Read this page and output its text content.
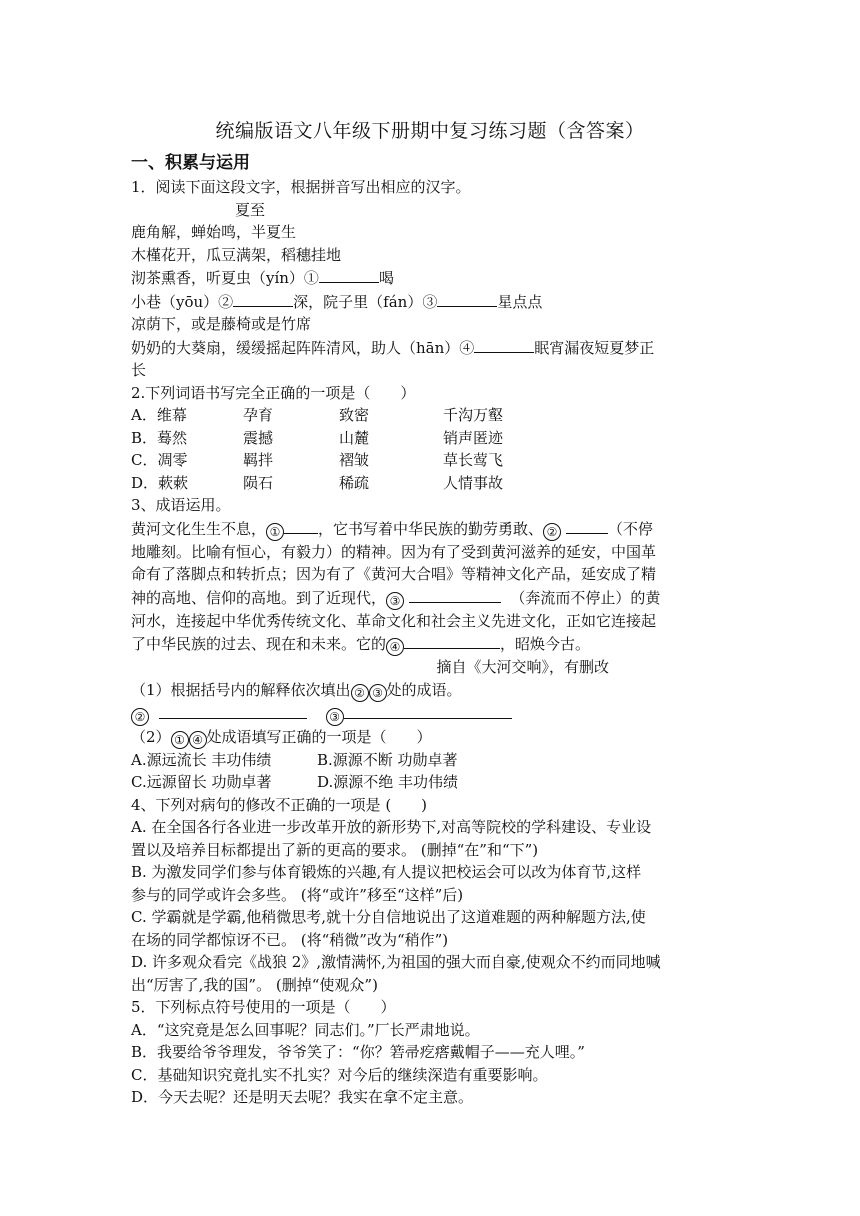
统编版语文八年级下册期中复习练习题（含答案）
一、积累与运用
1．阅读下面这段文字，根据拼音写出相应的汉字。
夏至
鹿角解，蝉始鸣，半夏生
木槿花开，瓜豆满架，稻穗挂地
沏茶熏香，听夏虫（yín）①	喝
小巷（yōu）②	深，院子里（fán）③	星点点
凉荫下，或是藤椅或是竹席
奶奶的大葵扇，缓缓摇起阵阵清风，助人（hān）④	眠宵漏夜短夏梦正
长
2.下列词语书写完全正确的一项是（　　）
A．维幕	孕育	致密	千沟万壑
B．蓦然	震撼	山麓	销声匿迹
C．凋零	羁拌	褶皱	草长莺飞
D．蔌蔌	陨石	稀疏	人情事故
3、成语运用。
黄河文化生生不息， ①	，它书写着中华民族的勤劳勇敢、 ②	（不停
地雕刻。比喻有恒心，有毅力）的精神。因为有了受到黄河滋养的延安，中国革
命有了落脚点和转折点；因为有了《黄河大合唱》等精神文化产品，延安成了精
神的高地、信仰的高地。到了近现代， ③	（奔流而不停止）的黄
河水，连接起中华优秀传统文化、革命文化和社会主义先进文化，正如它连接起
了中华民族的过去、现在和未来。它的 ④	，昭焕今古。
摘自《大河交响》，有删改
（1）根据括号内的解释依次填出 ② ③ 处的成语。
②	③
（2） ① ④ 处成语填写正确的一项是（　　）
A.源远流长 丰功伟绩	B.源源不断 功勋卓著
C.远源留长 功勋卓著	D.源源不绝 丰功伟绩
4、下列对病句的修改不正确的一项是 (　　)
A. 在全国各行各业进一步改革开放的新形势下,对高等院校的学科建设、专业设
置以及培养目标都提出了新的更高的要求。 (删掉“在”和“下”)
B. 为激发同学们参与体育锻炼的兴趣,有人提议把校运会可以改为体育节,这样
参与的同学或许会多些。 (将“或许”移至“这样”后)
C. 学霸就是学霸,他稍微思考,就十分自信地说出了这道难题的两种解题方法,使
在场的同学都惊讶不已。 (将“稍微”改为“稍作”)
D. 许多观众看完《战狼 2》,激情满怀,为祖国的强大而自豪,使观众不约而同地喊
出“厉害了,我的国”。 (删掉“使观众”)
5．下列标点符号使用的一项是（　　）
A．“这究竟是怎么回事呢？同志们。”厂长严肃地说。
B．我要给爷爷理发，爷爷笑了：“你？箬帚疙瘩戴帽子——充人哩。”
C．基础知识究竟扎实不扎实？对今后的继续深造有重要影响。
D．今天去呢？还是明天去呢？我实在拿不定主意。
